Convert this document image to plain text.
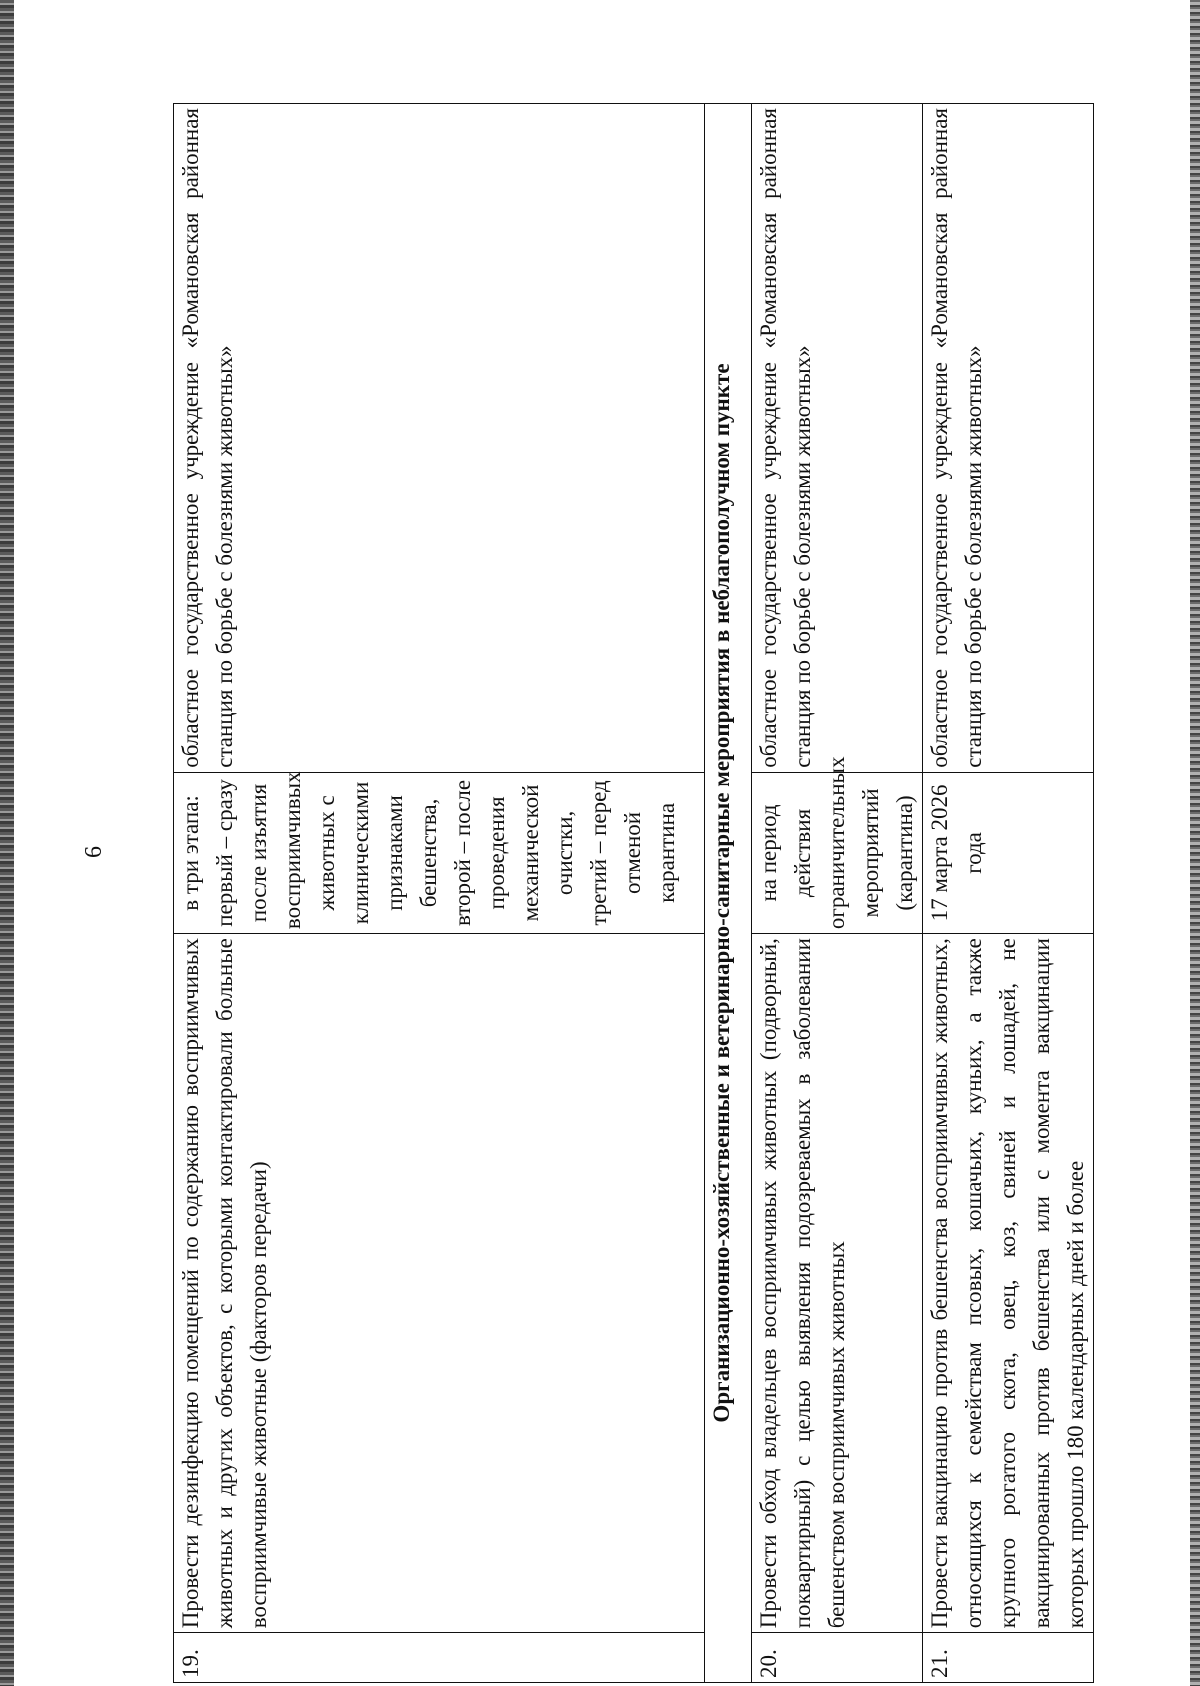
6
19.	Провести дезинфекцию помещений по содержанию восприимчивых животных и других объектов, с которыми контактировали больные восприимчивые животные (факторов передачи)	в три этапа: первый – сразу после изъятия восприимчивых животных с клиническими признаками бешенства, второй – после проведения механической очистки, третий – перед отменой карантина	областное государственное учреждение «Романовская районная станция по борьбе с болезнями животных»
Организационно-хозяйственные и ветеринарно-санитарные мероприятия в неблагополучном пункте			
20.	Провести обход владельцев восприимчивых животных (подворный, поквартирный) с целью выявления подозреваемых в заболевании бешенством восприимчивых животных	на период действия ограничительных мероприятий (карантина)	областное государственное учреждение «Романовская районная станция по борьбе с болезнями животных»
21.	Провести вакцинацию против бешенства восприимчивых животных, относящихся к семействам псовых, кошачьих, куньих, а также крупного рогатого скота, овец, коз, свиней и лошадей, не вакцинированных против бешенства или с момента вакцинации которых прошло 180 календарных дней и более	17 марта 2026 года	областное государственное учреждение «Романовская районная станция по борьбе с болезнями животных»
